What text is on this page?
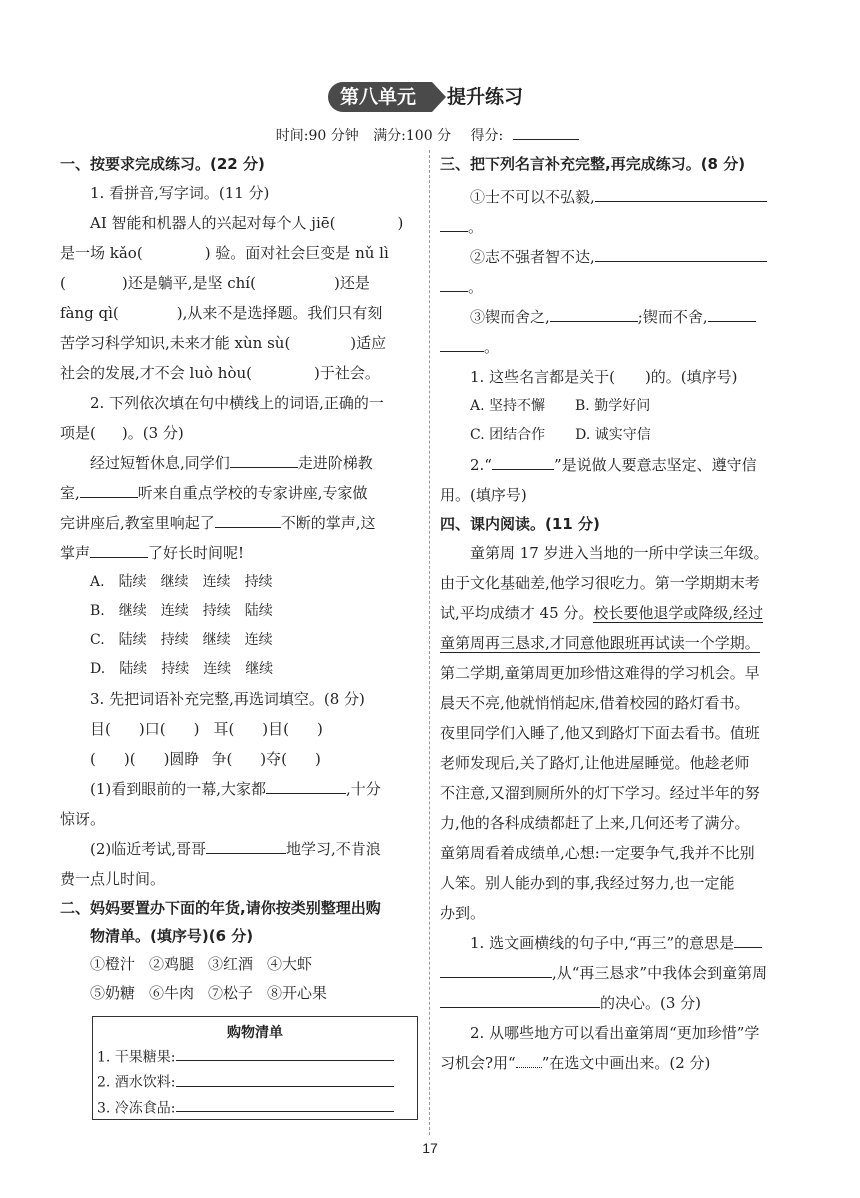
第八单元	提升练习
时间:90 分钟 满分:100 分 得分:
一、按要求完成练习。(22 分)
1. 看拼音,写字词。(11 分)
AI 智能和机器人的兴起对每个人 jiē(	)
是一场 kǎo(	) 验。面对社会巨变是 nǔ lì
(	)还是躺平,是坚 chí(	)还是
fàng qì(	),从来不是选择题。我们只有刻
苦学习科学知识,未来才能 xùn sù(	)适应
社会的发展,才不会 luò hòu(	)于社会。
2. 下列依次填在句中横线上的词语,正确的一
项是( )。(3 分)
经过短暂休息,同学们	走进阶梯教
室,	听来自重点学校的专家讲座,专家做
完讲座后,教室里响起了	不断的掌声,这
掌声	了好长时间呢!
A. 陆续 继续 连续 持续
B. 继续 连续 持续 陆续
C. 陆续 持续 继续 连续
D. 陆续 持续 连续 继续
3. 先把词语补充完整,再选词填空。(8 分)
目( )口( ) 耳( )目( )
( )( )圆睁 争( )夺( )
(1)看到眼前的一幕,大家都	,十分
惊讶。
(2)临近考试,哥哥	地学习,不肯浪
费一点儿时间。
二、妈妈要置办下面的年货,请你按类别整理出购
物清单。(填序号)(6 分)
①橙汁 ②鸡腿 ③红酒 ④大虾
⑤奶糖 ⑥牛肉 ⑦松子 ⑧开心果
购物清单
1. 干果糖果:
2. 酒水饮料:
3. 冷冻食品:
三、把下列名言补充完整,再完成练习。(8 分)
①士不可以不弘毅,
。
②志不强者智不达,
。
③锲而舍之,	;锲而不舍,
。
1. 这些名言都是关于( )的。(填序号)
A. 坚持不懈 B. 勤学好问
C. 团结合作 D. 诚实守信
2.“	”是说做人要意志坚定、遵守信
用。(填序号)
四、课内阅读。(11 分)
童第周 17 岁进入当地的一所中学读三年级。
由于文化基础差,他学习很吃力。第一学期期末考
试,平均成绩才 45 分。校长要他退学或降级,经过
童第周再三恳求,才同意他跟班再试读一个学期。
第二学期,童第周更加珍惜这难得的学习机会。早
晨天不亮,他就悄悄起床,借着校园的路灯看书。
夜里同学们入睡了,他又到路灯下面去看书。值班
老师发现后,关了路灯,让他进屋睡觉。他趁老师
不注意,又溜到厕所外的灯下学习。经过半年的努
力,他的各科成绩都赶了上来,几何还考了满分。
童第周看着成绩单,心想:一定要争气,我并不比别
人笨。别人能办到的事,我经过努力,也一定能
办到。
1. 选文画横线的句子中,“再三”的意思是
,从“再三恳求”中我体会到童第周
的决心。(3 分)
2. 从哪些地方可以看出童第周“更加珍惜”学
习机会?用“ ”在选文中画出来。(2 分)
17
